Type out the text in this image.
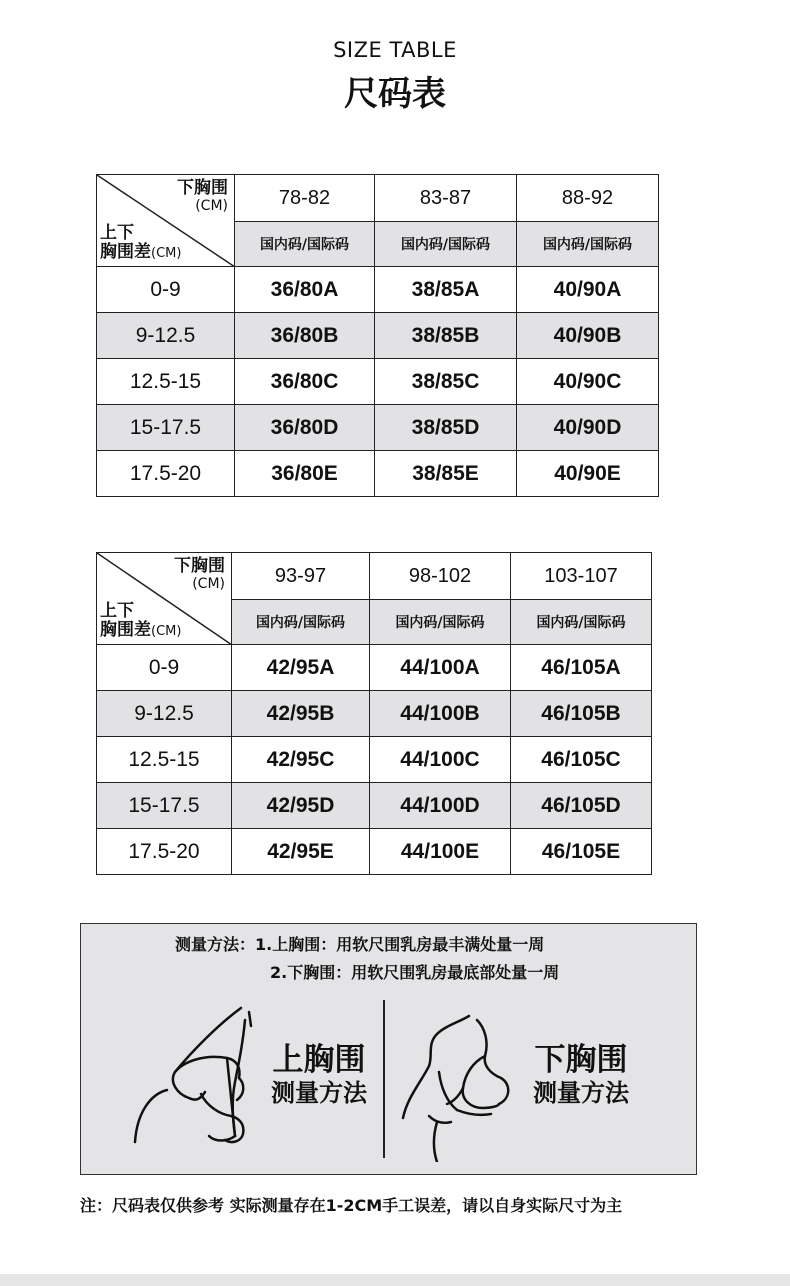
SIZE TABLE
尺码表
下胸围
(CM)
上下
胸围差(CM)	78-82	83-87	88-92
	国内码/国际码	国内码/国际码	国内码/国际码
0-9	36/80A	38/85A	40/90A
9-12.5	36/80B	38/85B	40/90B
12.5-15	36/80C	38/85C	40/90C
15-17.5	36/80D	38/85D	40/90D
17.5-20	36/80E	38/85E	40/90E
下胸围
(CM)
上下
胸围差(CM)	93-97	98-102	103-107
	国内码/国际码	国内码/国际码	国内码/国际码
0-9	42/95A	44/100A	46/105A
9-12.5	42/95B	44/100B	46/105B
12.5-15	42/95C	44/100C	46/105C
15-17.5	42/95D	44/100D	46/105D
17.5-20	42/95E	44/100E	46/105E
测量方法：1.上胸围：用软尺围乳房最丰满处量一周
2.下胸围：用软尺围乳房最底部处量一周
上胸围
测量方法
下胸围
测量方法
注：尺码表仅供参考 实际测量存在1-2CM手工误差，请以自身实际尺寸为主
